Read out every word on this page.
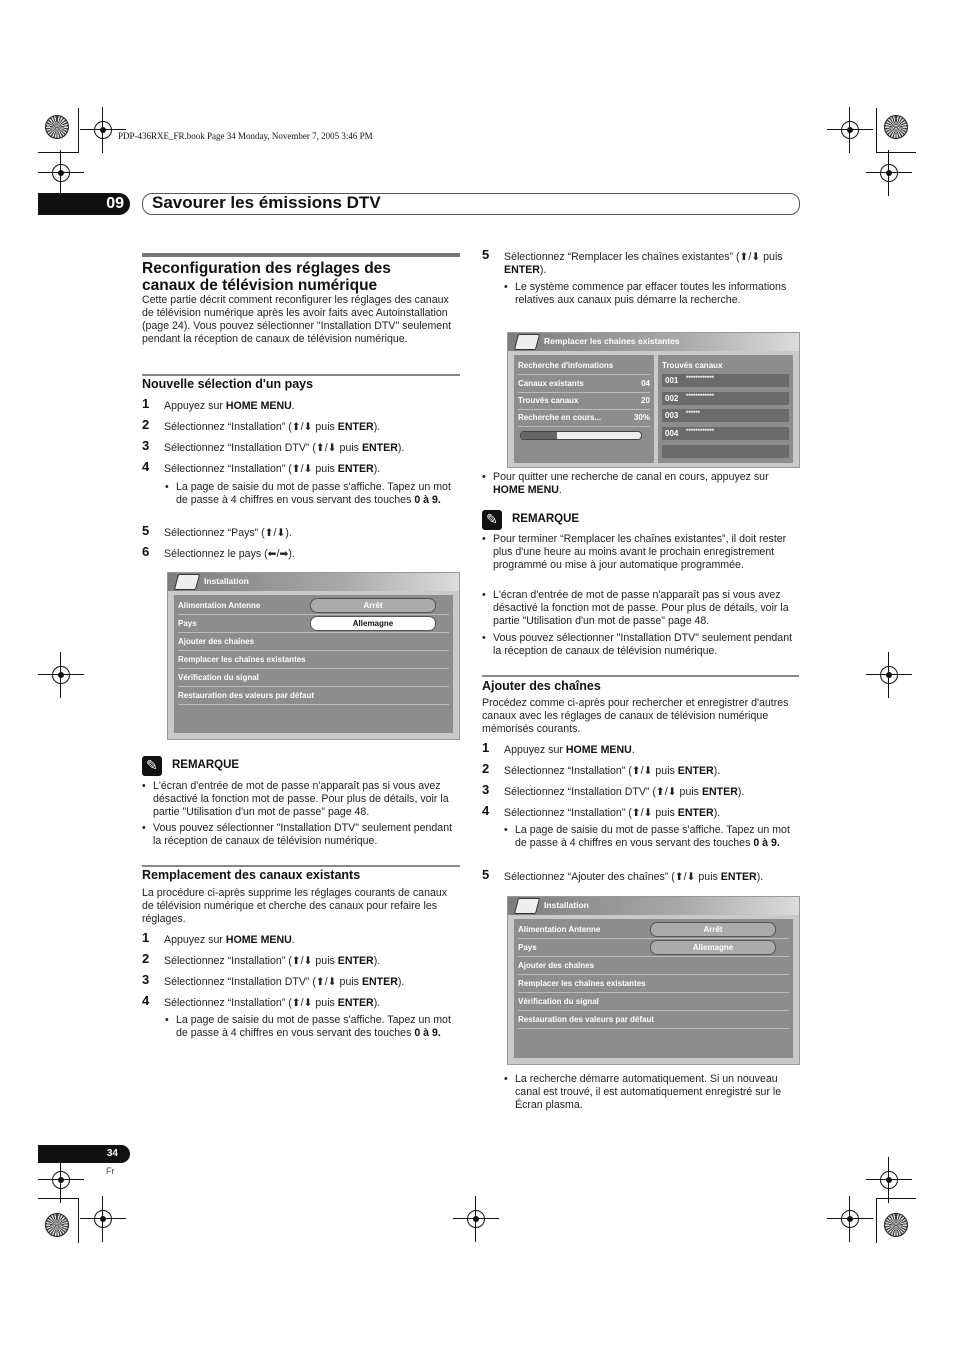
PDP-436RXE_FR.book Page 34 Monday, November 7, 2005 3:46 PM
09 Savourer les émissions DTV
Reconfiguration des réglages des canaux de télévision numérique
Cette partie décrit comment reconfigurer les réglages des canaux de télévision numérique après les avoir faits avec Autoinstallation (page 24). Vous pouvez sélectionner "Installation DTV" seulement pendant la réception de canaux de télévision numérique.
Nouvelle sélection d'un pays
1 Appuyez sur HOME MENU.
2 Sélectionnez “Installation” (⬆/⬇ puis ENTER).
3 Sélectionnez “Installation DTV” (⬆/⬇ puis ENTER).
4 Sélectionnez “Installation” (⬆/⬇ puis ENTER).
• La page de saisie du mot de passe s'affiche. Tapez un mot de passe à 4 chiffres en vous servant des touches 0 à 9.
5 Sélectionnez “Pays” (⬆/⬇).
6 Sélectionnez le pays (⬅/➡).
Installation
Alimentation Antenne
Pays
Ajouter des chaînes
Remplacer les chaînes existantes
Vérification du signal
Restauration des valeurs par défaut
Arrêt
Allemagne
✎
REMARQUE
• L'écran d'entrée de mot de passe n'apparaît pas si vous avez désactivé la fonction mot de passe. Pour plus de détails, voir la partie "Utilisation d'un mot de passe" page 48.
• Vous pouvez sélectionner "Installation DTV" seulement pendant la réception de canaux de télévision numérique.
Remplacement des canaux existants
La procédure ci-après supprime les réglages courants de canaux de télévision numérique et cherche des canaux pour refaire les réglages.
1 Appuyez sur HOME MENU.
2 Sélectionnez “Installation” (⬆/⬇ puis ENTER).
3 Sélectionnez “Installation DTV” (⬆/⬇ puis ENTER).
4 Sélectionnez “Installation” (⬆/⬇ puis ENTER).
• La page de saisie du mot de passe s'affiche. Tapez un mot de passe à 4 chiffres en vous servant des touches 0 à 9.
5 Sélectionnez “Remplacer les chaînes existantes” (⬆/⬇ puis ENTER).
• Le système commence par effacer toutes les informations relatives aux canaux puis démarre la recherche.
Remplacer les chaînes existantes
Recherche d'infomations
Canaux existants	04
Trouvés canaux	20
Recherche en cours...	30%
Trouvés canaux
001 ************
002 ************
003 ******
004 ************
• Pour quitter une recherche de canal en cours, appuyez sur HOME MENU.
✎
REMARQUE
• Pour terminer “Remplacer les chaînes existantes”, il doit rester plus d'une heure au moins avant le prochain enregistrement programmé ou mise à jour automatique programmée.
• L'écran d'entrée de mot de passe n'apparaît pas si vous avez désactivé la fonction mot de passe. Pour plus de détails, voir la partie "Utilisation d'un mot de passe" page 48.
• Vous pouvez sélectionner "Installation DTV" seulement pendant la réception de canaux de télévision numérique.
Ajouter des chaînes
Procédez comme ci-après pour rechercher et enregistrer d'autres canaux avec les réglages de canaux de télévision numérique mémorisés courants.
1 Appuyez sur HOME MENU.
2 Sélectionnez “Installation” (⬆/⬇ puis ENTER).
3 Sélectionnez “Installation DTV” (⬆/⬇ puis ENTER).
4 Sélectionnez “Installation” (⬆/⬇ puis ENTER).
• La page de saisie du mot de passe s'affiche. Tapez un mot de passe à 4 chiffres en vous servant des touches 0 à 9.
5 Sélectionnez “Ajouter des chaînes” (⬆/⬇ puis ENTER).
Installation
Alimentation Antenne
Pays
Ajouter des chaînes
Remplacer les chaînes existantes
Vérification du signal
Restauration des valeurs par défaut
Arrêt
Allemagne
• La recherche démarre automatiquement. Si un nouveau canal est trouvé, il est automatiquement enregistré sur le Écran plasma.
34
Fr
